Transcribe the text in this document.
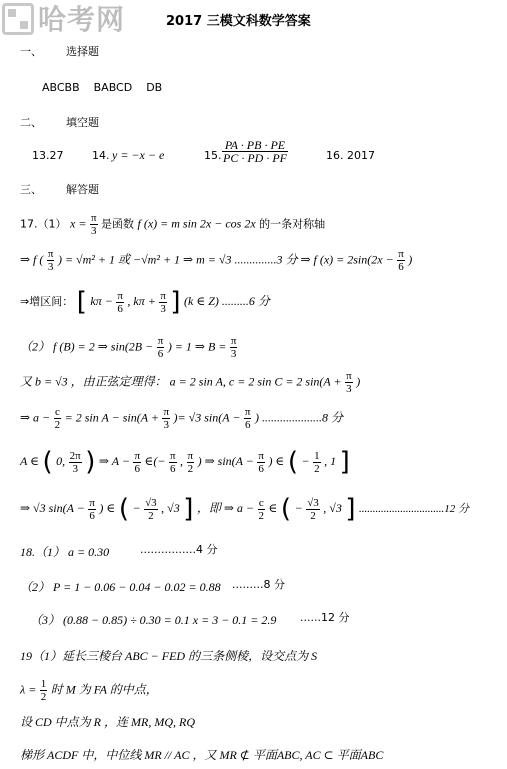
哈考网	2017 三模文科数学答案
一、 选择题
ABCBB    BABCD    DB
二、 填空题
13.27	14. y = −x − e	15. $\frac{PA \cdot PB \cdot PE}{PC \cdot PD \cdot PF}$	16. 2017
三、 解答题
17.（1） $x = \frac{\pi}{3}$ 是函数 f (x) = m sin 2x − cos 2x 的一条对称轴
⇒ f ( $\frac{\pi}{3}$ ) = √m² + 1 或 −√m² + 1 ⇒ m = √3 ..............3 分 ⇒ f $(x) = 2\sin(2x - \frac{\pi}{6}$ )
⇒增区间： [ $k\pi - \frac{\pi}{6}$ , $k\pi + \frac{\pi}{3}$ ] (k ∈ Z) .........6 分
（2） f (B) = 2 ⇒ $\sin(2B - \frac{\pi}{6}$ ) = 1 ⇒ $B = \frac{\pi}{3}$
又 b = √3 ，由正弦定理得： a = 2 sin A, c = 2 sin C = 2 $\sin(A + \frac{\pi}{3}$ )
⇒ $a - \frac{c}{2} = 2$ $\sin A - \sin(A + \frac{\pi}{3}$ )= √3 $\sin(A - \frac{\pi}{6}$ ) ....................8 分
A ∈ ( 0, $\frac{2\pi}{3}$ ) ⇒ $A - \frac{\pi}{6}$ ∈(− $\frac{\pi}{6}$ , $\frac{\pi}{2}$ ) ⇒ $\sin(A - \frac{\pi}{6}$ ) ∈ ( − $\frac{1}{2}$ , 1 ]
⇒ √3 $\sin(A - \frac{\pi}{6}$ ) ∈ ( − $\frac{√3}{2}$ , √3 ] ，即 ⇒ $a - \frac{c}{2}$ ∈ ( − $\frac{√3}{2}$ , √3 ] ...............................12 分
18.（1） a = 0.30	................4 分
（2） P = 1 − 0.06 − 0.04 − 0.02 = 0.88 .........8 分
（3） (0.88 − 0.85) ÷ 0.30 = 0.1 x = 3 − 0.1 = 2.9 ......12 分
19（1）延长三棱台 ABC − FED 的三条侧棱，设交点为 S
$\lambda = \frac{1}{2}$ 时 M 为 FA 的中点，
设 CD 中点为 R ，连 MR, MQ, RQ
梯形 ACDF 中，中位线 MR // AC ，又 MR ⊄ 平面ABC, AC ⊂ 平面ABC
